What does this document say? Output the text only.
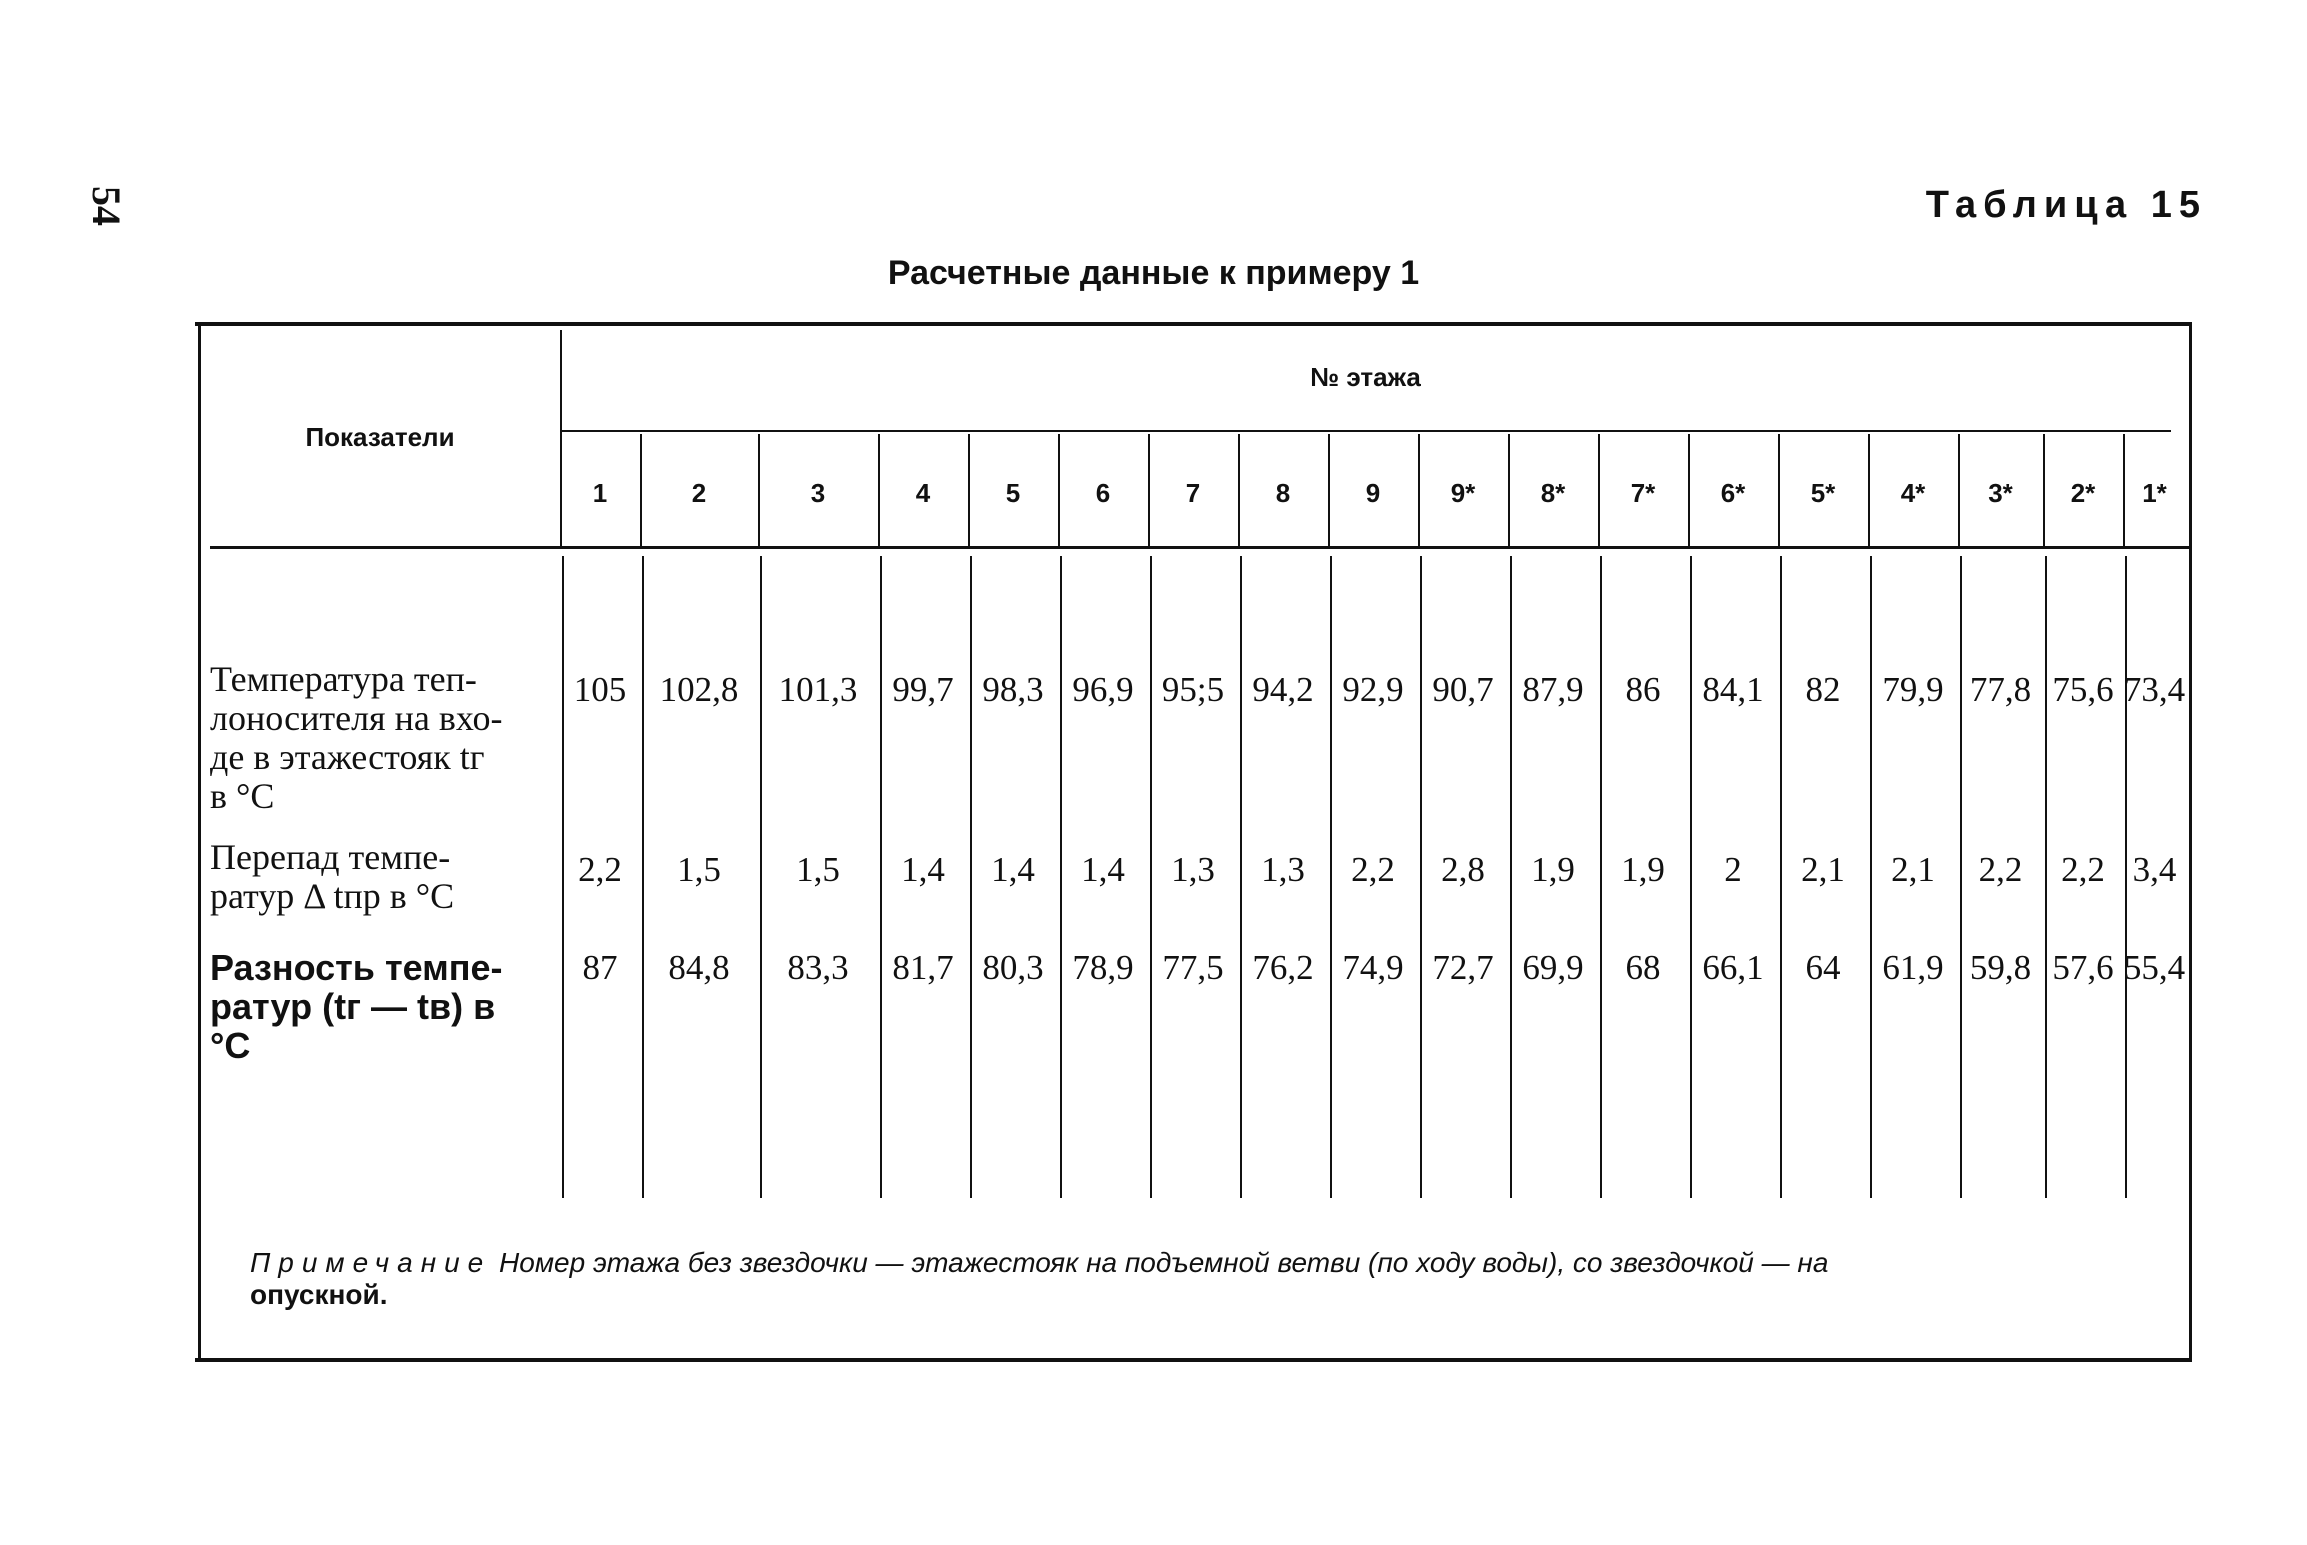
54	Таблица 15
Расчетные данные к примеру 1
Показатели
№ этажа
1	2	3	4	5	6	7	8	9	9*	8*	7*	6*	5*	4*	3*	2*	1*
Температура теп-
лоносителя на вхо-
де в этажестояк tг
в °С
Перепад темпе-
ратур Δ tпр в °С
Разность темпе-
ратур (tг — tв) в
°С
105 102,8	101,3	99,7 98,3 96,9 95;5 94,2 92,9 90,7 87,9	86	84,1	82	79,9 77,8 75,6 73,4
2,2	1,5	1,5	1,4	1,4	1,4	1,3	1,3	2,2	2,8	1,9	1,9	2	2,1	2,1	2,2	2,2 3,4
87	84,8	83,3	81,7 80,3 78,9 77,5 76,2 74,9 72,7 69,9	68	66,1	64	61,9 59,8 57,6 55,4
Примечание Номер этажа без звездочки — этажестояк на подъемной ветви (по ходу воды), со звездочкой — на
опускной.
